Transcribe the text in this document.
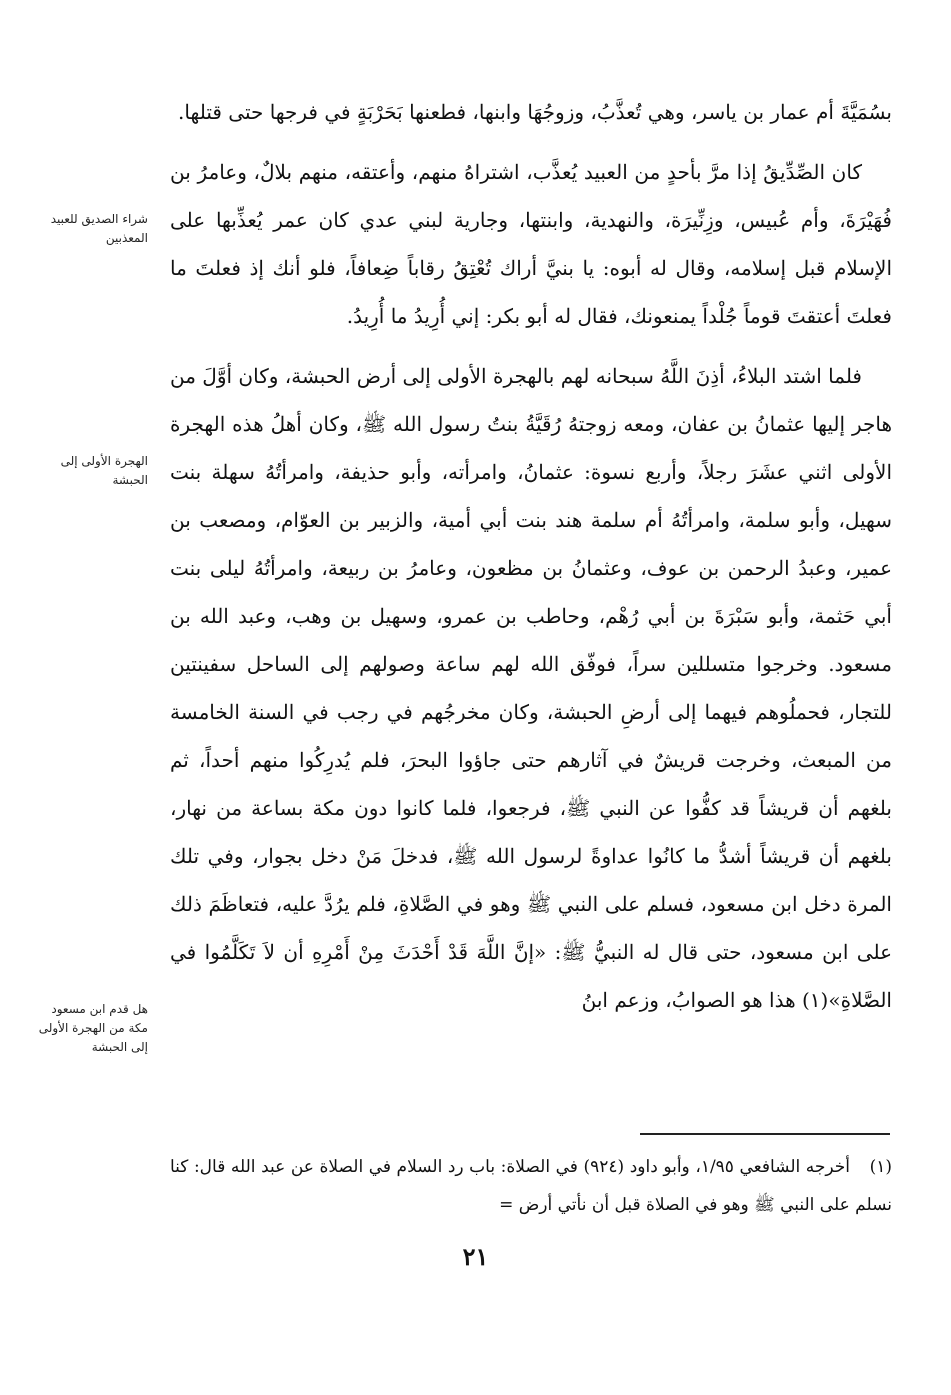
بسُمَيَّةَ أم عمار بن ياسر، وهي تُعذَّبُ، وزوجُهَا وابنها، فطعنها بَحَرْبَةٍ في فرجها حتى قتلها.

كان الصِّدِّيقُ إذا مرَّ بأحدٍ من العبيد يُعذَّب، اشتراهُ منهم، وأعتقه، منهم بلالٌ، وعامرُ بن فُهَيْرَةَ، وأم عُبيس، وزِنِّيرَة، والنهدية، وابنتها، وجارية لبني عدي كان عمر يُعذِّبها على الإسلام قبل إسلامه، وقال له أبوه: يا بنيَّ أراك تُعْتِقُ رقاباً ضِعافاً، فلو أنك إذ فعلتَ ما فعلتَ أعتقتَ قوماً جُلْداً يمنعونك، فقال له أبو بكر: إني أُرِيدُ ما أُرِيدُ.

فلما اشتد البلاءُ، أذِنَ اللَّهُ سبحانه لهم بالهجرة الأولى إلى أرض الحبشة، وكان أوَّلَ من هاجر إليها عثمانُ بن عفان، ومعه زوجتهُ رُقَيَّةُ بنتُ رسول الله ﷺ، وكان أهلُ هذه الهجرة الأولى اثني عشَرَ رجلاً، وأربع نسوة: عثمانُ، وامرأته، وأبو حذيفة، وامرأتُهُ سهلة بنت سهيل، وأبو سلمة، وامرأتُهُ أم سلمة هند بنت أبي أمية، والزبير بن العوّام، ومصعب بن عمير، وعبدُ الرحمن بن عوف، وعثمانُ بن مظعون، وعامرُ بن ربيعة، وامرأتُهُ ليلى بنت أبي حَثمة، وأبو سَبْرَةَ بن أبي رُهْم، وحاطب بن عمرو، وسهيل بن وهب، وعبد الله بن مسعود. وخرجوا متسللين سراً، فوفّق الله لهم ساعة وصولهم إلى الساحل سفينتين للتجار، فحملُوهم فيهما إلى أرضِ الحبشة، وكان مخرجُهم في رجب في السنة الخامسة من المبعث، وخرجت قريشٌ في آثارهم حتى جاؤوا البحرَ، فلم يُدرِكُوا منهم أحداً، ثم بلغهم أن قريشاً قد كفُّوا عن النبي ﷺ، فرجعوا، فلما كانوا دون مكة بساعة من نهار، بلغهم أن قريشاً أشدُّ ما كانُوا عداوةً لرسول الله ﷺ، فدخلَ مَنْ دخل بجوار، وفي تلك المرة دخل ابن مسعود، فسلم على النبي ﷺ وهو في الصَّلاةِ، فلم يرُدَّ عليه، فتعاظَمَ ذلك على ابن مسعود، حتى قال له النبيُّ ﷺ: «إنَّ اللَّهَ قَدْ أَحْدَثَ مِنْ أَمْرِهِ أن لاَ تَكَلَّمُوا في الصَّلاةِ»(١) هذا هو الصوابُ، وزعم ابنُ

شراء الصديق للعبيد المعذبين
الهجرة الأولى إلى الحبشة
هل قدم ابن مسعود مكة من الهجرة الأولى إلى الحبشة

(١) أخرجه الشافعي ١/٩٥، وأبو داود (٩٢٤) في الصلاة: باب رد السلام في الصلاة عن عبد الله قال: كنا نسلم على النبي ﷺ وهو في الصلاة قبل أن نأتي أرض =

٢١
